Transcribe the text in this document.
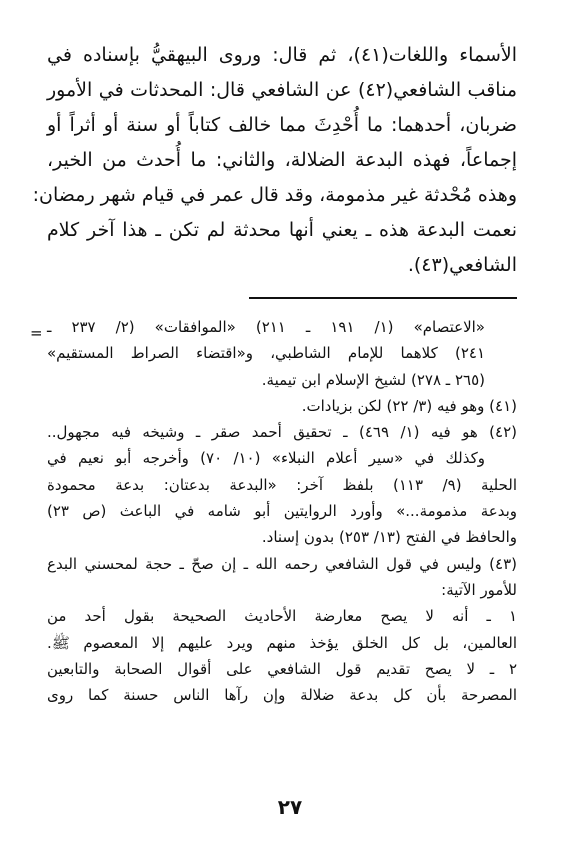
الأسماء واللغات(٤١)، ثم قال: وروى البيهقيُّ بإسناده في
مناقب الشافعي(٤٢) عن الشافعي قال: المحدثات في الأمور
ضربان، أحدهما: ما أُحْدِثَ مما خالف كتاباً أو سنة أو أثراً أو
إجماعاً، فهذه البدعة الضلالة، والثاني: ما أُحدث من الخير،
وهذه مُحْدثة غير مذمومة، وقد قال عمر في قيام شهر رمضان:
نعمت البدعة هذه ـ يعني أنها محدثة لم تكن ـ هذا آخر كلام
الشافعي(٤٣).
= «الاعتصام» (١/ ١٩١ ـ ٢١١) «الموافقات» (٢/ ٢٣٧ ـ
٢٤١) كلاهما للإمام الشاطبي، و«اقتضاء الصراط المستقيم»
(٢٦٥ ـ ٢٧٨) لشيخ الإسلام ابن تيمية.
(٤١) وهو فيه (٣/ ٢٢) لكن بزيادات.
(٤٢) هو فيه (١/ ٤٦٩) ـ تحقيق أحمد صقر ـ وشيخه فيه مجهول..
وكذلك في «سير أعلام النبلاء» (١٠/ ٧٠) وأخرجه أبو نعيم في
الحلية (٩/ ١١٣) بلفظ آخر: «البدعة بدعتان: بدعة محمودة
وبدعة مذمومة...» وأورد الروايتين أبو شامه في الباعث (ص ٢٣)
والحافظ في الفتح (١٣/ ٢٥٣) بدون إسناد.
(٤٣) وليس في قول الشافعي رحمه الله ـ إن صحّ ـ حجة لمحسني البدع
للأمور الآتية:
١ ـ أنه لا يصح معارضة الأحاديث الصحيحة بقول أحد من
العالمين، بل كل الخلق يؤخذ منهم ويرد عليهم إلا المعصوم ﷺ.
٢ ـ لا يصح تقديم قول الشافعي على أقوال الصحابة والتابعين
المصرحة بأن كل بدعة ضلالة وإن رآها الناس حسنة كما روى
٢٧
